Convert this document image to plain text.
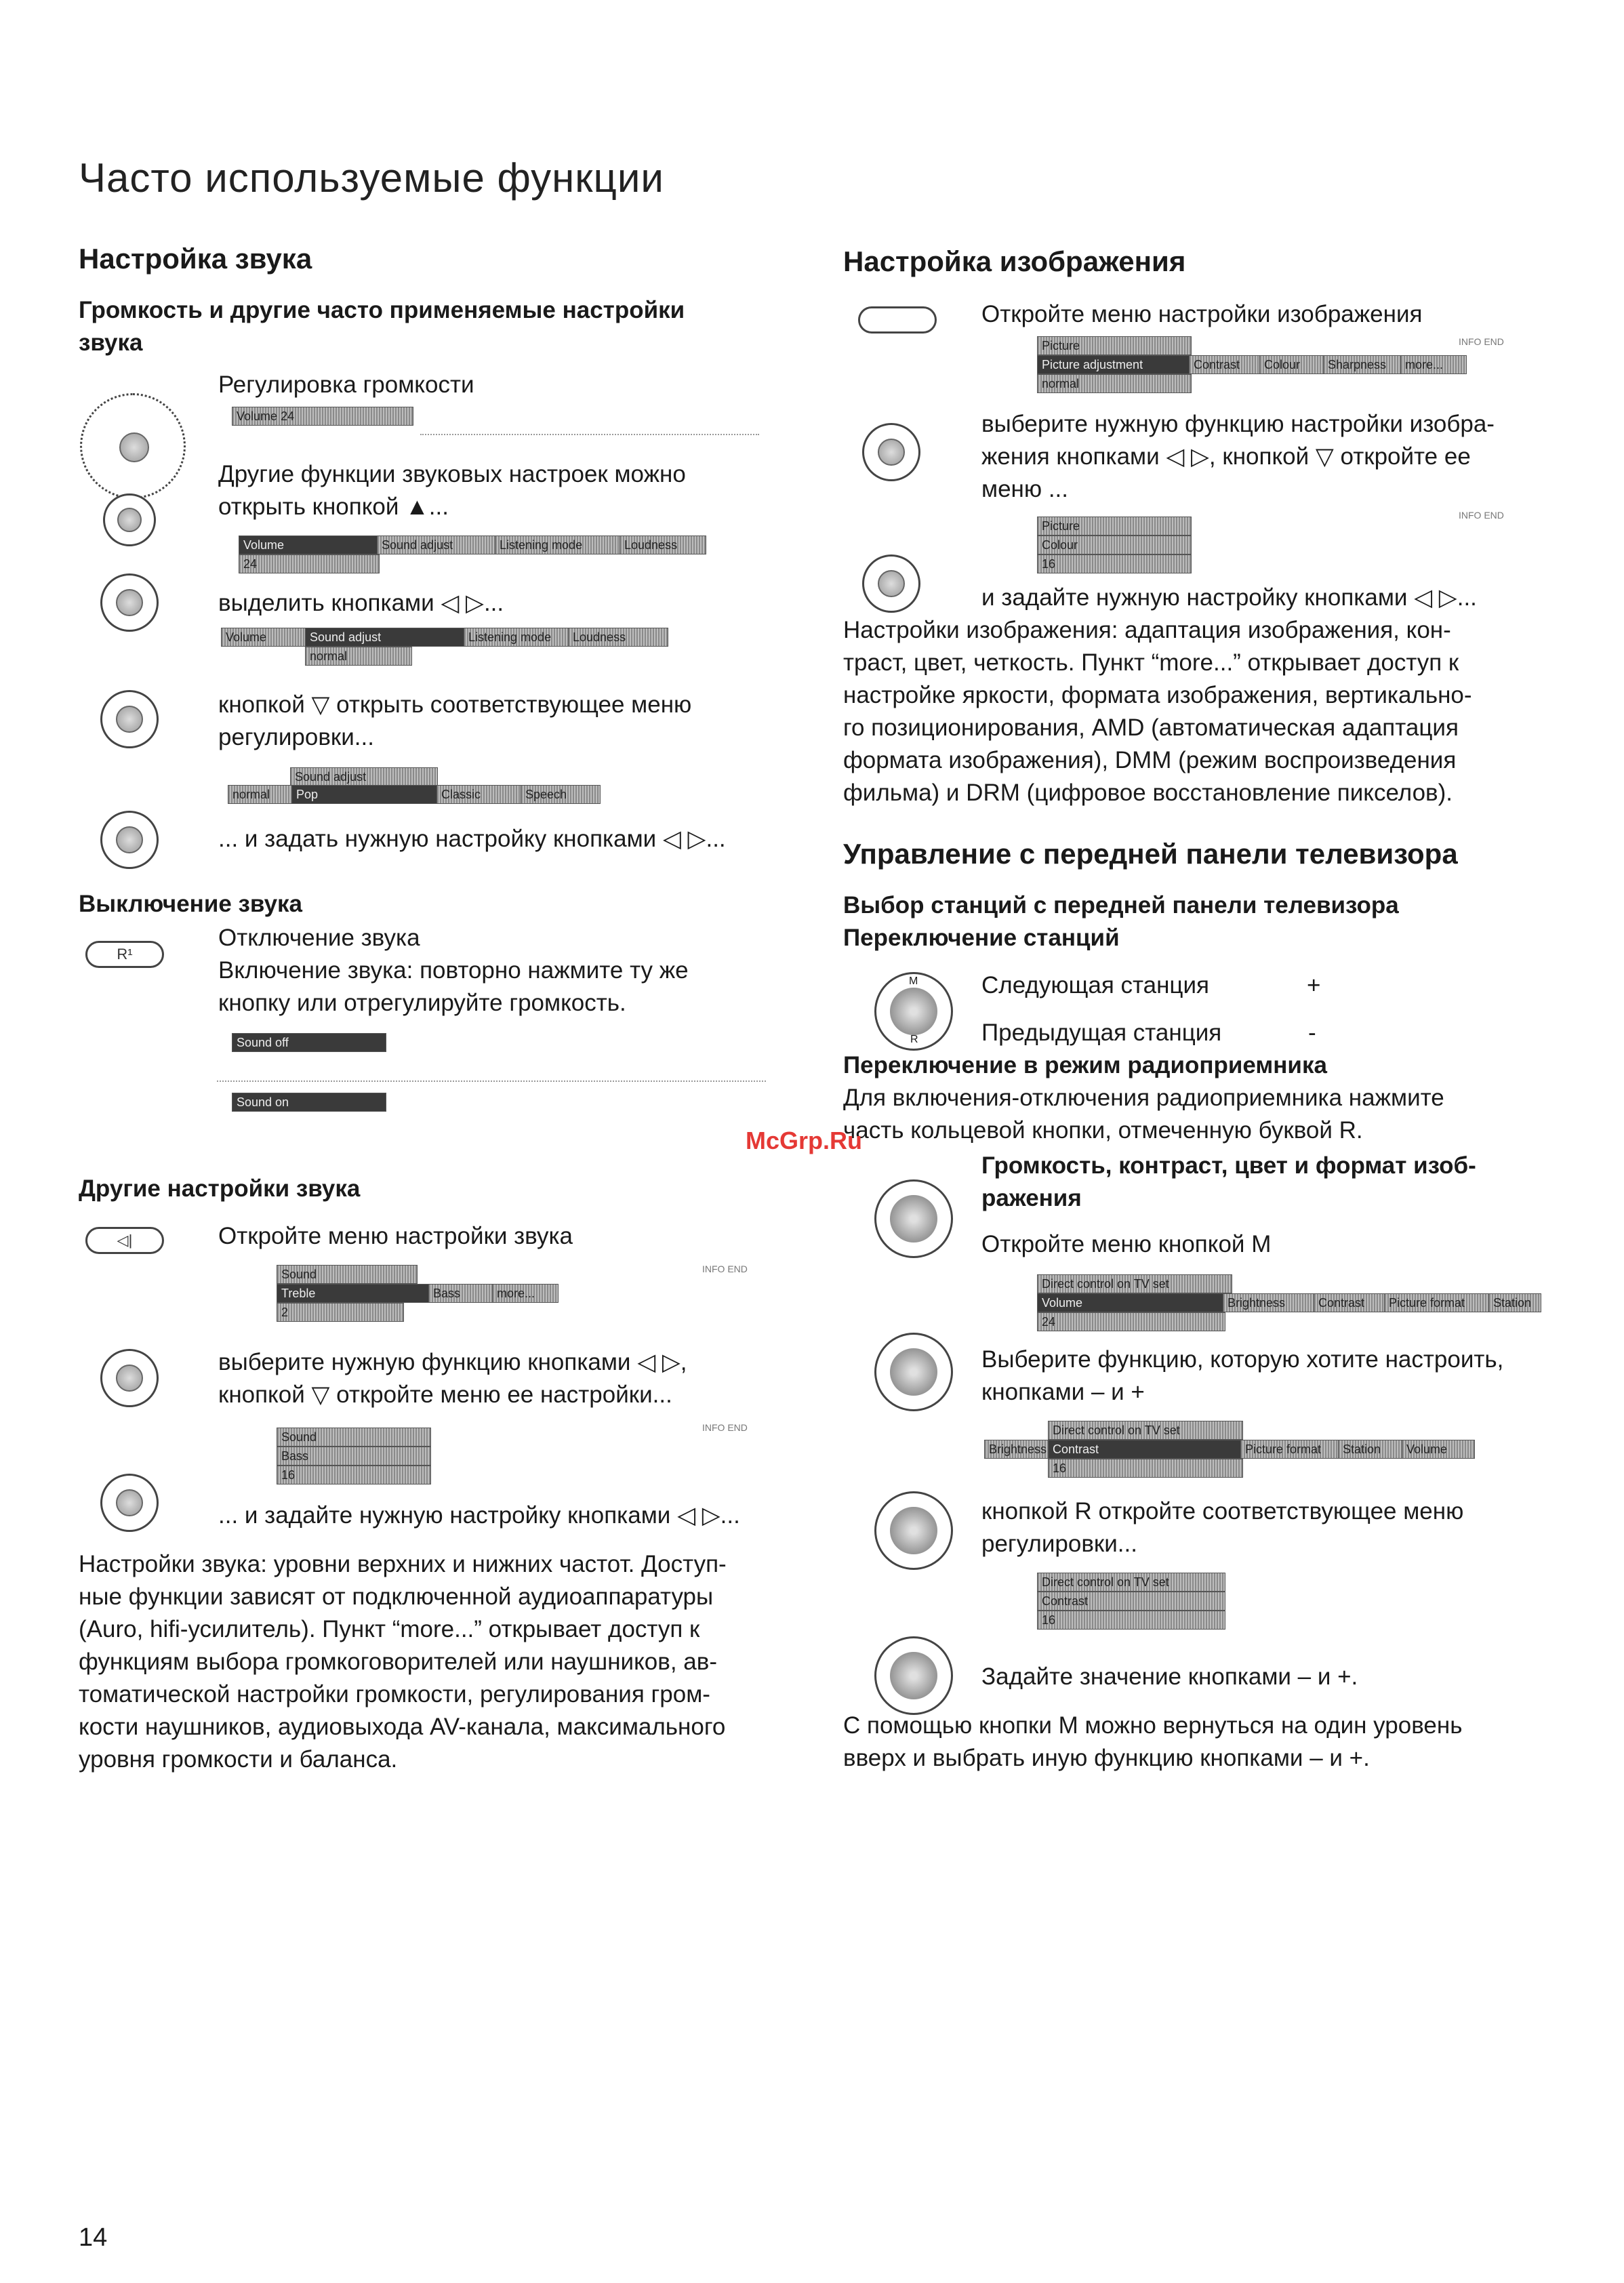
Часто используемые функции
Настройка звука
Громкость и другие часто применяемые настройки
звука
Регулировка громкости
Volume 24
Другие функции звуковых настроек можно
открыть кнопкой ▲...
Volume	Sound adjust	Listening mode	Loudness
24
выделить кнопками ◁ ▷...
Volume	Sound adjust	Listening mode	Loudness
normal
кнопкой ▽ открыть соответствующее меню
регулировки...
Sound adjust
normal	Pop	Classic	Speech
... и задать нужную настройку кнопками ◁ ▷...
Выключение звука
R¹
Отключение звука
Включение звука: повторно нажмите ту же
кнопку или отрегулируйте громкость.
Sound off
Sound on
Другие настройки звука
◁|	Откройте меню настройки звука
INFO END
Sound
Treble	Bass	more...
2
выберите нужную функцию кнопками ◁ ▷,
кнопкой ▽ откройте меню ее настройки...
INFO END
Sound
Bass
16
... и задайте нужную настройку кнопками ◁ ▷...
Настройки звука: уровни верхних и нижних частот. Доступ-
ные функции зависят от подключенной аудиоаппаратуры
(Auro, hifi-усилитель). Пункт “more...” открывает доступ к
функциям выбора громкоговорителей или наушников, ав-
томатической настройки громкости, регулирования гром-
кости наушников, аудиовыхода AV-канала, максимального
уровня громкости и баланса.
Настройка изображения
Откройте меню настройки изображения
INFO END
Picture
Picture adjustment	Contrast	Colour	Sharpness	more...
normal
выберите нужную функцию настройки изобра-
жения кнопками ◁ ▷, кнопкой ▽ откройте ее
меню ...
INFO END
Picture
Colour
16
и задайте нужную настройку кнопками ◁ ▷...
Настройки изображения: адаптация изображения, кон-
траст, цвет, четкость. Пункт “more...” открывает доступ к
настройке яркости, формата изображения, вертикально-
го позиционирования, AMD (автоматическая адаптация
формата изображения), DMM (режим воспроизведения
фильма) и DRM (цифровое восстановление пикселов).
Управление с передней панели телевизора
Выбор станций с передней панели телевизора
Переключение станций
M
R
Следующая станция	+
Предыдущая станция	-
Переключение в режим радиоприемника
Для включения-отключения радиоприемника нажмите
часть кольцевой кнопки, отмеченную буквой R.
McGrp.Ru
Громкость, контраст, цвет и формат изоб-
ражения
Откройте меню кнопкой M
Direct control on TV set
Volume	Brightness	Contrast	Picture format	Station
24
Выберите функцию, которую хотите настроить,
кнопками – и +
Direct control on TV set
Brightness Contrast	Picture format	Station	Volume
16
кнопкой R откройте соответствующее меню
регулировки...
Direct control on TV set
Contrast
16
Задайте значение кнопками – и +.
С помощью кнопки M можно вернуться на один уровень
вверх и выбрать иную функцию кнопками – и +.
14
